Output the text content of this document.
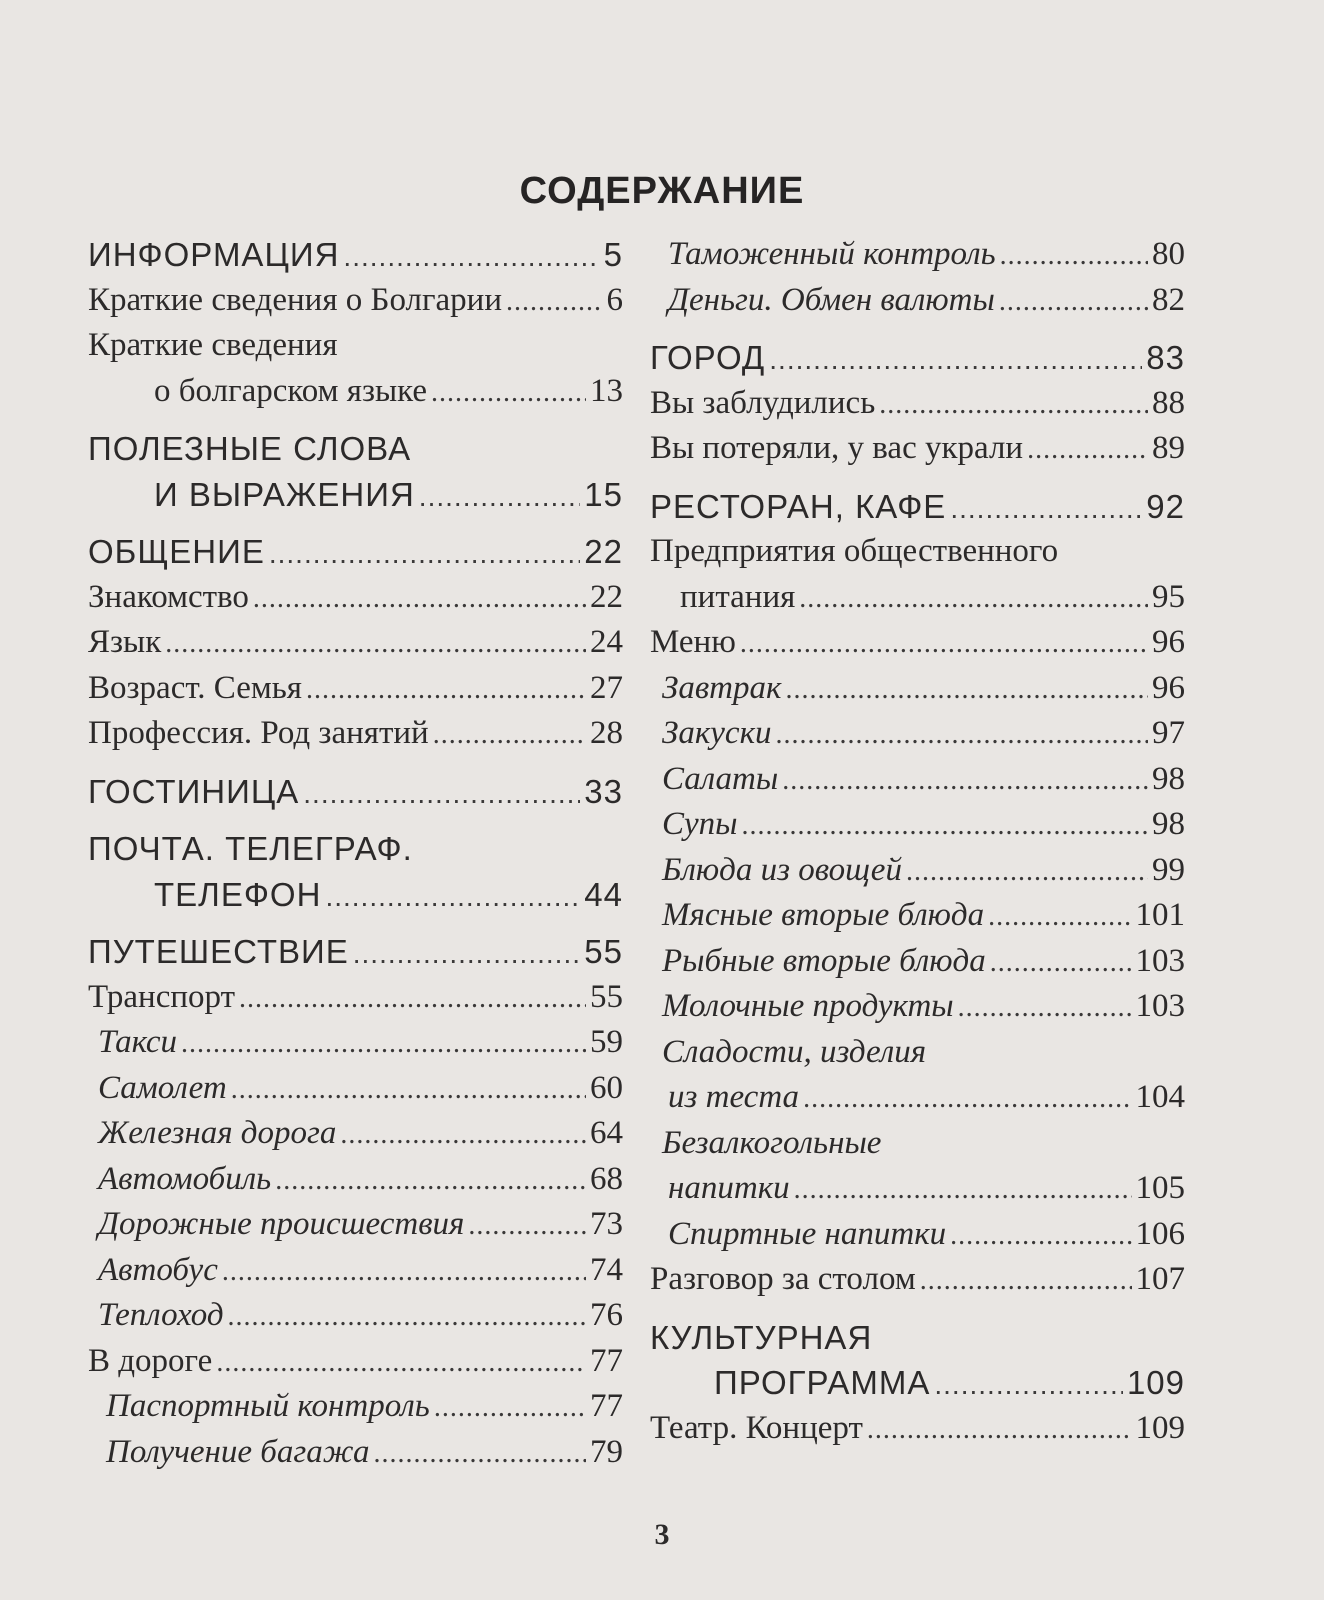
СОДЕРЖАНИЕ
ИНФОРМАЦИЯ .....	5
Краткие сведения о Болгарии .....	6
Краткие сведения
о болгарском языке .....	13
ПОЛЕЗНЫЕ СЛОВА
И ВЫРАЖЕНИЯ .....	15
ОБЩЕНИЕ .....	22
Знакомство .....	22
Язык .....	24
Возраст. Семья .....	27
Профессия. Род занятий .....	28
ГОСТИНИЦА .....	33
ПОЧТА. ТЕЛЕГРАФ.
ТЕЛЕФОН .....	44
ПУТЕШЕСТВИЕ .....	55
Транспорт .....	55
Такси .....	59
Самолет .....	60
Железная дорога .....	64
Автомобиль .....	68
Дорожные происшествия .....	73
Автобус .....	74
Теплоход .....	76
В дороге .....	77
Паспортный контроль .....	77
Получение багажа .....	79
Таможенный контроль .....	80
Деньги. Обмен валюты .....	82
ГОРОД .....	83
Вы заблудились .....	88
Вы потеряли, у вас украли .....	89
РЕСТОРАН, КАФЕ .....	92
Предприятия общественного
питания .....	95
Меню .....	96
Завтрак .....	96
Закуски .....	97
Салаты .....	98
Супы .....	98
Блюда из овощей .....	99
Мясные вторые блюда .....	101
Рыбные вторые блюда .....	103
Молочные продукты .....	103
Сладости, изделия
из теста .....	104
Безалкогольные
напитки .....	105
Спиртные напитки .....	106
Разговор за столом .....	107
КУЛЬТУРНАЯ
ПРОГРАММА .....	109
Театр. Концерт .....	109
3
